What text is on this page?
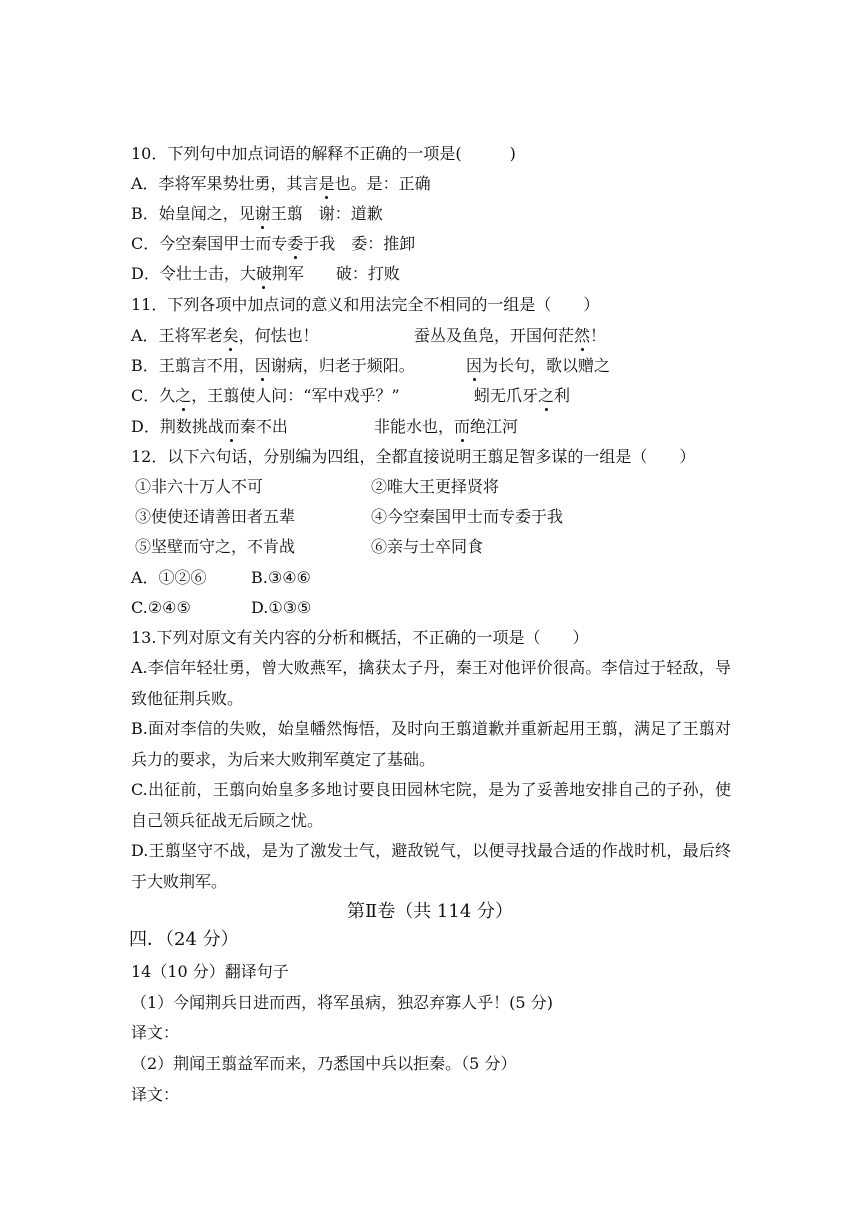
10．下列句中加点词语的解释不正确的一项是(　　　)
A．李将军果势壮勇，其言是也。是：正确
B．始皇闻之，见谢王翦　谢：道歉
C．今空秦国甲士而专委于我　委：推卸
D．令壮士击，大破荆军　　破：打败
11．下列各项中加点词的意义和用法完全不相同的一组是（　　）
A．王将军老矣，何怯也！	蚕丛及鱼凫，开国何茫然！
B．王翦言不用，因谢病，归老于频阳。	因为长句，歌以赠之
C．久之，王翦使人问：“军中戏乎？”	蚓无爪牙之利
D．荆数挑战而秦不出	非能水也，而绝江河
12．以下六句话，分别编为四组，全都直接说明王翦足智多谋的一组是（　　）
①非六十万人不可	②唯大王更择贤将
③使使还请善田者五辈	④今空秦国甲士而专委于我
⑤坚壁而守之，不肯战	⑥亲与士卒同食
A．①②⑥	B.③④⑥
C.②④⑤	D.①③⑤
13.下列对原文有关内容的分析和概括，不正确的一项是（　　）
A.李信年轻壮勇，曾大败燕军，擒获太子丹，秦王对他评价很高。李信过于轻敌，导致他征荆兵败。
B.面对李信的失败，始皇幡然悔悟，及时向王翦道歉并重新起用王翦，满足了王翦对兵力的要求，为后来大败荆军奠定了基础。
C.出征前，王翦向始皇多多地讨要良田园林宅院，是为了妥善地安排自己的子孙，使自己领兵征战无后顾之忧。
D.王翦坚守不战，是为了激发士气，避敌锐气，以便寻找最合适的作战时机，最后终于大败荆军。
第Ⅱ卷（共 114 分）
四．（24 分）
14（10 分）翻译句子
（1）今闻荆兵日进而西，将军虽病，独忍弃寡人乎！(5 分)
译文：
（2）荆闻王翦益军而来，乃悉国中兵以拒秦。（5 分）
译文：
